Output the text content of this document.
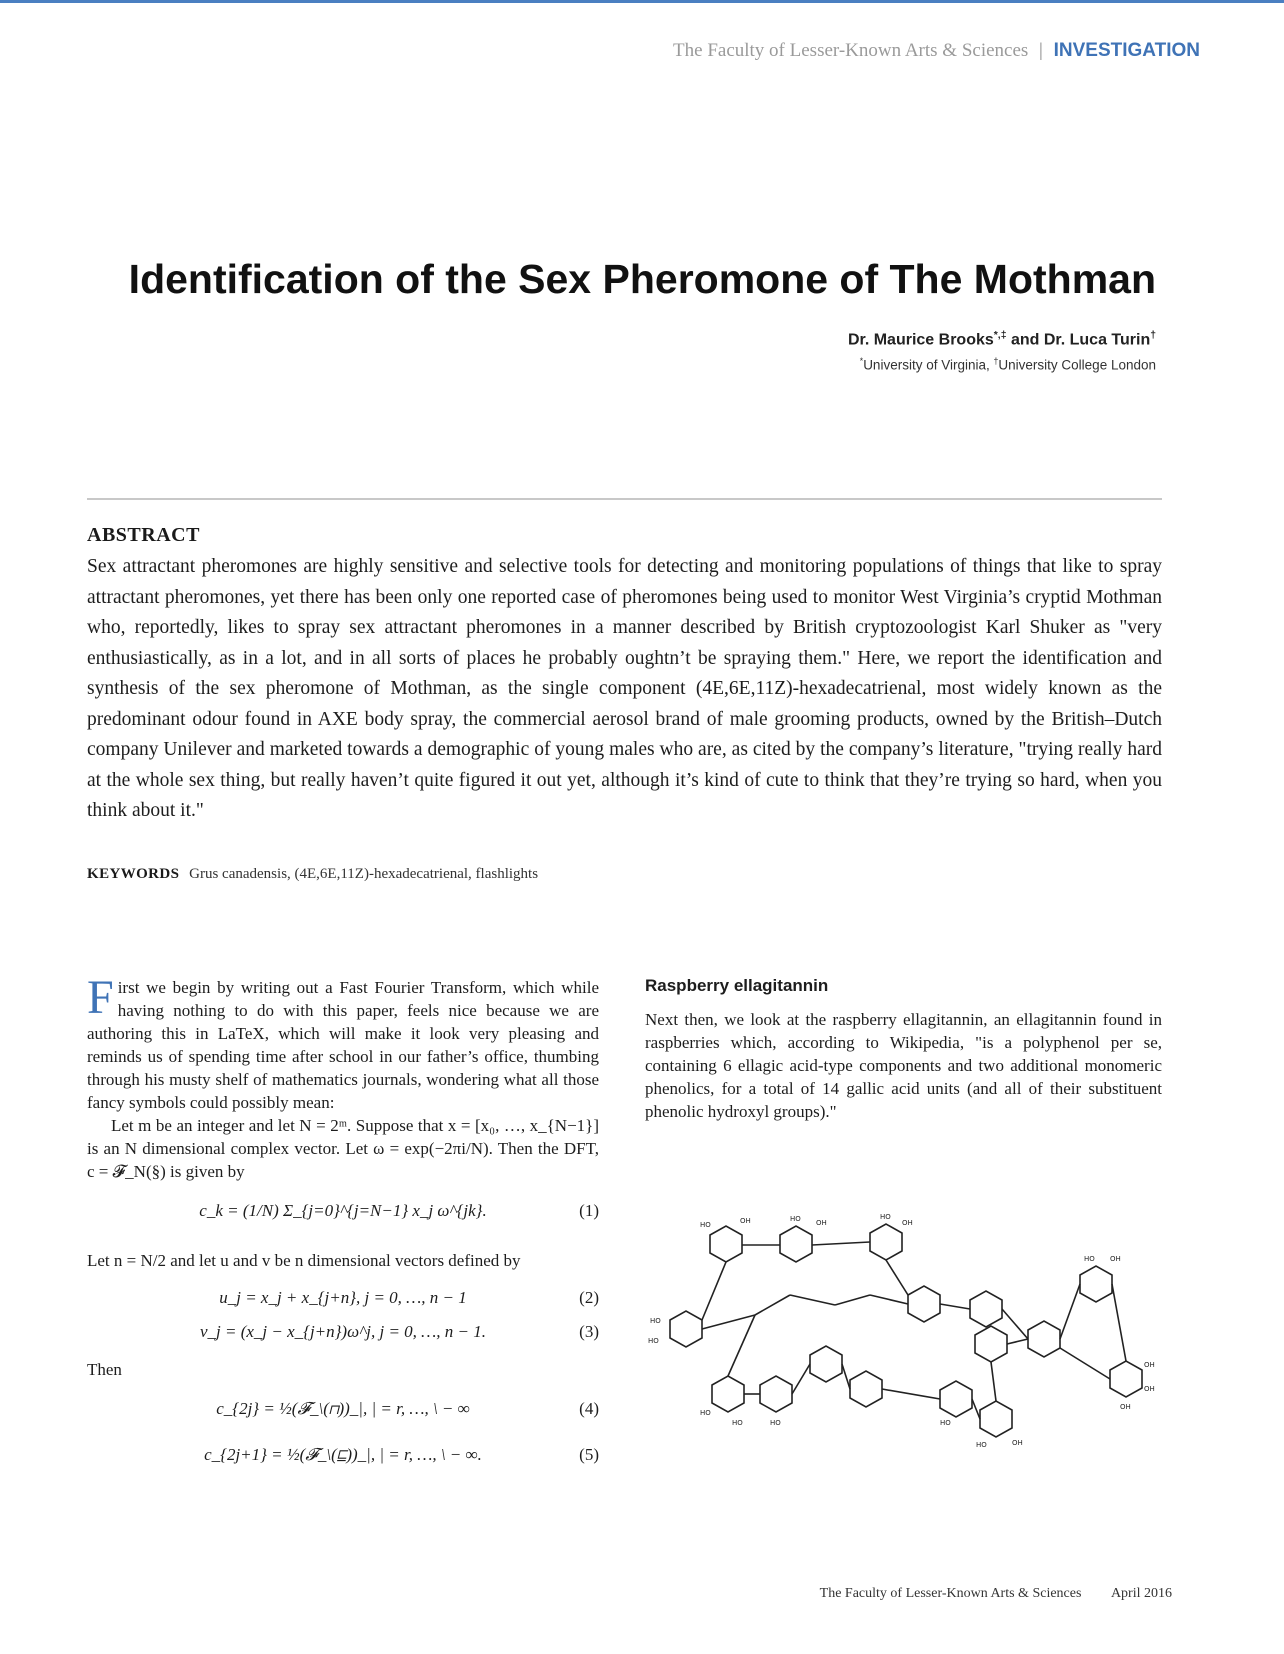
The Faculty of Lesser-Known Arts & Sciences | INVESTIGATION
Identification of the Sex Pheromone of The Mothman
Dr. Maurice Brooks*,‡ and Dr. Luca Turin†
*University of Virginia, †University College London
ABSTRACT
Sex attractant pheromones are highly sensitive and selective tools for detecting and monitoring populations of things that like to spray attractant pheromones, yet there has been only one reported case of pheromones being used to monitor West Virginia’s cryptid Mothman who, reportedly, likes to spray sex attractant pheromones in a manner described by British cryptozoologist Karl Shuker as "very enthusiastically, as in a lot, and in all sorts of places he probably oughtn’t be spraying them." Here, we report the identification and synthesis of the sex pheromone of Mothman, as the single component (4E,6E,11Z)-hexadecatrienal, most widely known as the predominant odour found in AXE body spray, the commercial aerosol brand of male grooming products, owned by the British–Dutch company Unilever and marketed towards a demographic of young males who are, as cited by the company’s literature, "trying really hard at the whole sex thing, but really haven’t quite figured it out yet, although it’s kind of cute to think that they’re trying so hard, when you think about it."
KEYWORDS Grus canadensis, (4E,6E,11Z)-hexadecatrienal, flashlights

First we begin by writing out a Fast Fourier Transform, which while having nothing to do with this paper, feels nice because we are authoring this in LaTeX, which will make it look very pleasing and reminds us of spending time after school in our father’s office, thumbing through his musty shelf of mathematics journals, wondering what all those fancy symbols could possibly mean:

Let m be an integer and let N = 2ᵐ. Suppose that x = [x₀, …, x_{N−1}] is an N dimensional complex vector. Let ω = exp(−2πi/N). Then the DFT, c = 𝓕_N(§) is given by

c_k = (1/N) Σ_{j=0}^{j=N−1} x_j ω^{jk}.	(1)

Let n = N/2 and let u and v be n dimensional vectors defined by

u_j = x_j + x_{j+n}, j = 0, …, n − 1	(2)
v_j = (x_j − x_{j+n})ω^j, j = 0, …, n − 1.	(3)

Then

c_{2j} = ½(𝓕_\(⊓))_|, | = r, …, \ − ∞	(4)
c_{2j+1} = ½(𝓕_\(⊑))_|, | = r, …, \ − ∞.	(5)
Raspberry ellagitannin

Next then, we look at the raspberry ellagitannin, an ellagitannin found in raspberries which, according to Wikipedia, "is a polyphenol per se, containing 6 ellagic acid-type components and two additional monomeric phenolics, for a total of 14 gallic acid units (and all of their substituent phenolic hydroxyl groups)."

HO
HO
HO	OH	HO OH
HO
OH
HO OH
OH
OH
HO
HO	HO	HO
HO	OH
OH
The Faculty of Lesser-Known Arts & Sciences April 2016
